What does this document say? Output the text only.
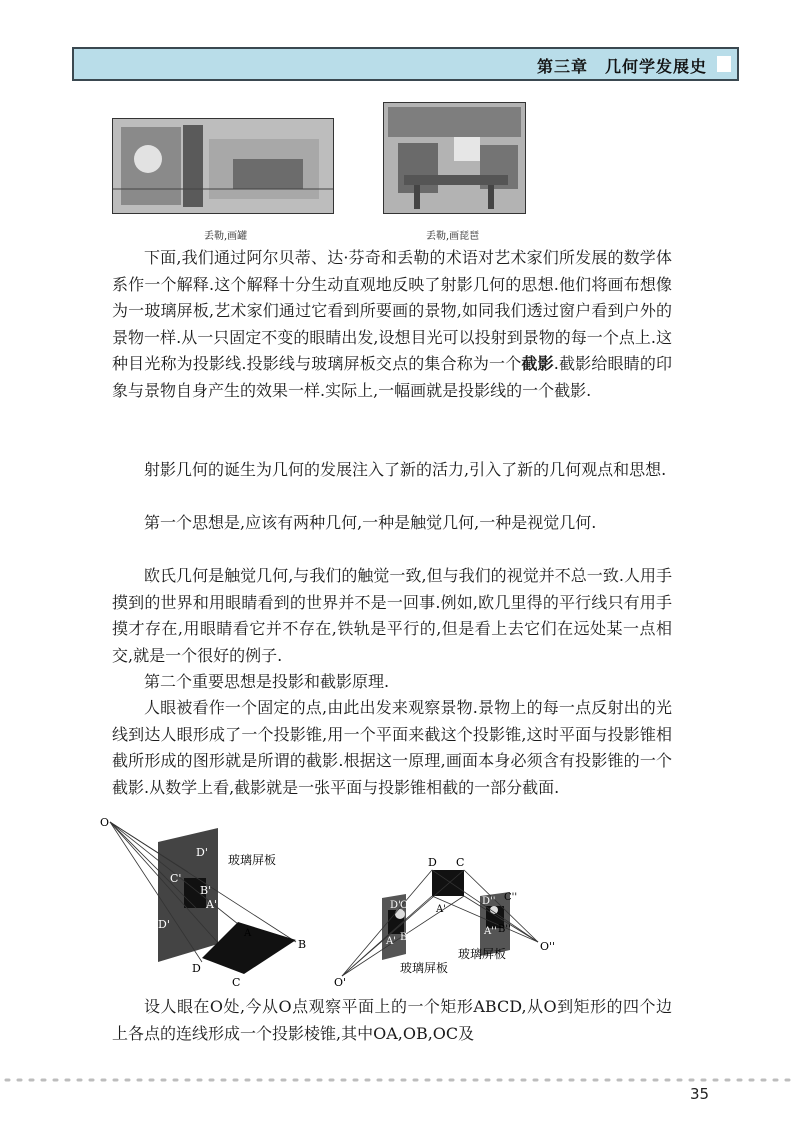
第三章　几何学发展史
丢勒,画罐	丢勒,画琵琶

下面,我们通过阿尔贝蒂、达·芬奇和丢勒的术语对艺术家们所发展的数学体系作一个解释.这个解释十分生动直观地反映了射影几何的思想.他们将画布想像为一玻璃屏板,艺术家们通过它看到所要画的景物,如同我们透过窗户看到户外的景物一样.从一只固定不变的眼睛出发,设想目光可以投射到景物的每一个点上.这种目光称为投影线.投影线与玻璃屏板交点的集合称为一个截影.截影给眼睛的印象与景物自身产生的效果一样.实际上,一幅画就是投影线的一个截影.

射影几何的诞生为几何的发展注入了新的活力,引入了新的几何观点和思想.

第一个思想是,应该有两种几何,一种是触觉几何,一种是视觉几何.

欧氏几何是触觉几何,与我们的触觉一致,但与我们的视觉并不总一致.人用手摸到的世界和用眼睛看到的世界并不是一回事.例如,欧几里得的平行线只有用手摸才存在,用眼睛看它并不存在,铁轨是平行的,但是看上去它们在远处某一点相交,就是一个很好的例子.

第二个重要思想是投影和截影原理.

人眼被看作一个固定的点,由此出发来观察景物.景物上的每一点反射出的光线到达人眼形成了一个投影锥,用一个平面来截这个投影锥,这时平面与投影锥相截所形成的图形就是所谓的截影.根据这一原理,画面本身必须含有投影锥的一个截影.从数学上看,截影就是一张平面与投影锥相截的一部分截面.

设人眼在O处,今从O点观察平面上的一个矩形ABCD,从O到矩形的四个边上各点的连线形成一个投影棱锥,其中OA,OB,OC及

O
玻璃屏板
D'
C'
B'
A'
D'
A
B
C
D
D C
D' C'
A' B'
A'
D'' C''
A'' B''
玻璃屏板
玻璃屏板
O'
O''
35
